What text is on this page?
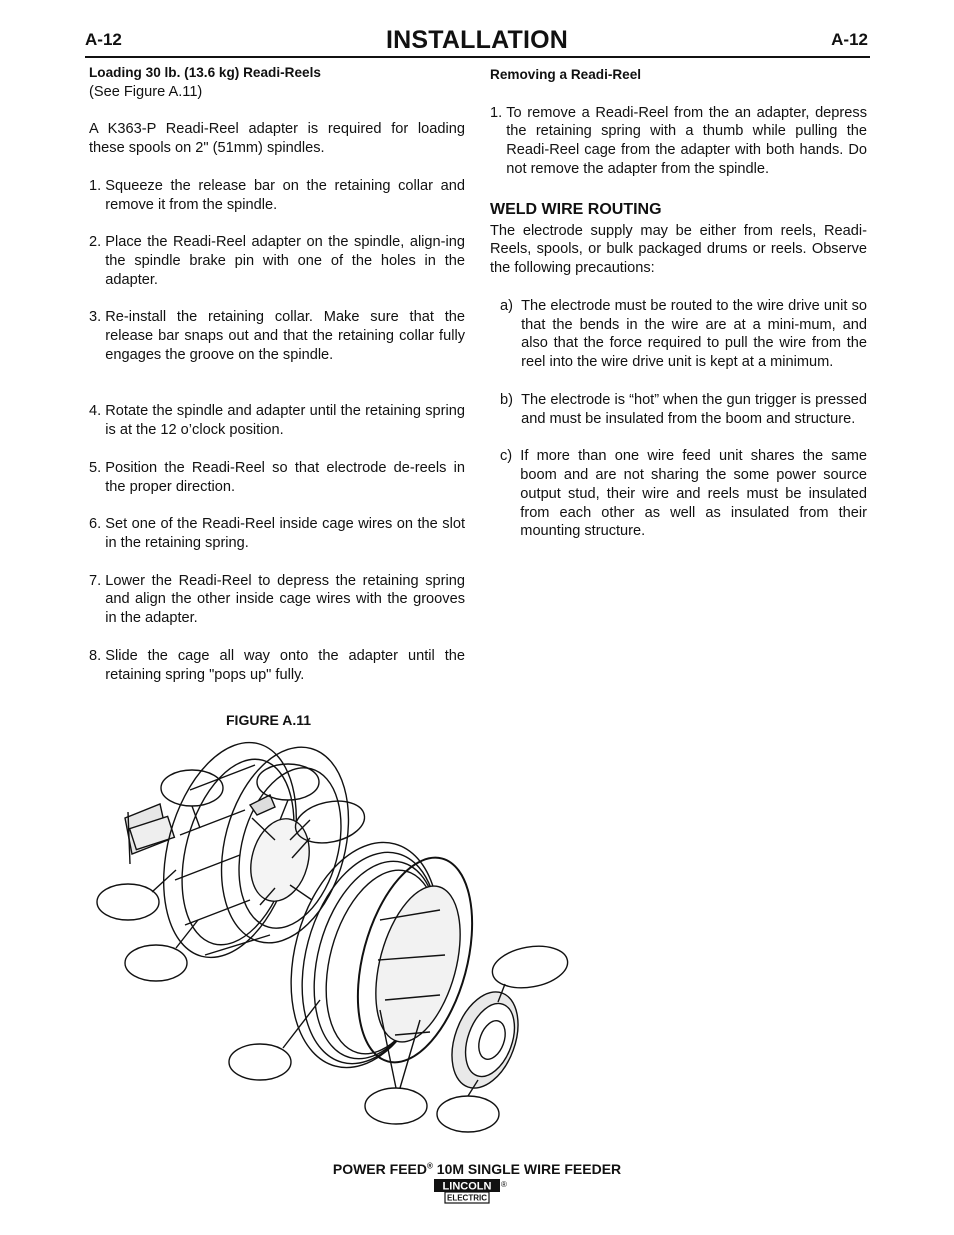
A-12	INSTALLATION	A-12

Loading 30 lb. (13.6 kg) Readi-Reels

(See Figure A.11)

A K363-P Readi-Reel adapter is required for loading these spools on 2" (51mm) spindles.

1. Squeeze the release bar on the retaining collar and remove it from the spindle.
2. Place the Readi-Reel adapter on the spindle, align-ing the spindle brake pin with one of the holes in the adapter.
3. Re-install the retaining collar. Make sure that the release bar snaps out and that the retaining collar fully engages the groove on the spindle.
4. Rotate the spindle and adapter until the retaining spring is at the 12 o’clock position.
5. Position the Readi-Reel so that electrode de-reels in the proper direction.
6. Set one of the Readi-Reel inside cage wires on the slot in the retaining spring.
7. Lower the Readi-Reel to depress the retaining spring and align the other inside cage wires with the grooves in the adapter.
8. Slide the cage all way onto the adapter until the retaining spring "pops up" fully.

Removing a Readi-Reel

1. To remove a Readi-Reel from the an adapter, depress the retaining spring with a thumb while pulling the Readi-Reel cage from the adapter with both hands. Do not remove the adapter from the spindle.

WELD WIRE ROUTING

The electrode supply may be either from reels, Readi-Reels, spools, or bulk packaged drums or reels. Observe the following precautions:

a) The electrode must be routed to the wire drive unit so that the bends in the wire are at a mini-mum, and also that the force required to pull the wire from the reel into the wire drive unit is kept at a minimum.
b) The electrode is “hot” when the gun trigger is pressed and must be insulated from the boom and structure.
c) If more than one wire feed unit shares the same boom and are not sharing the some power source output stud, their wire and reels must be insulated from each other as well as insulated from their mounting structure.
FIGURE A.11
POWER FEED® 10M SINGLE WIRE FEEDER
LINCOLN
ELECTRIC
®
